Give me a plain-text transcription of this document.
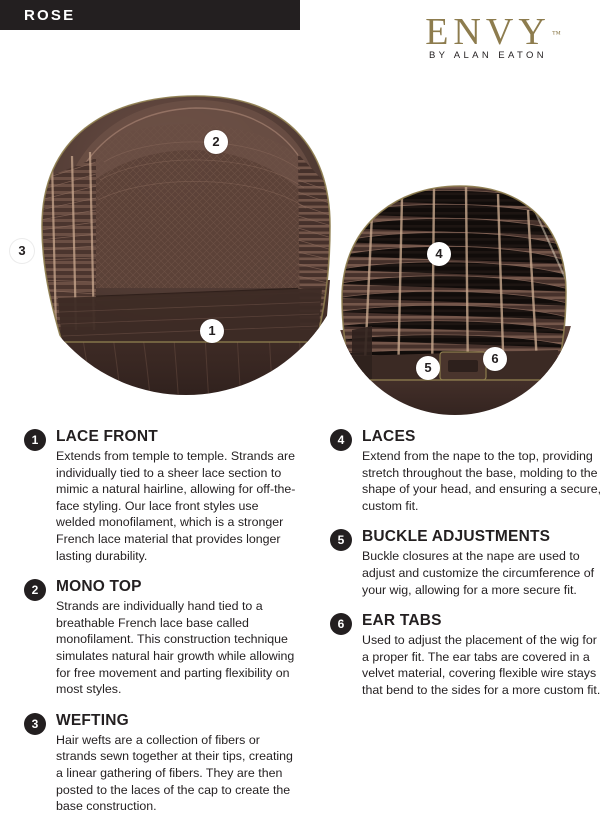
ROSE	ENVY ™
BY ALAN EATON
1
2
3	4
5
6
1	LACE FRONT

Extends from temple to temple. Strands are individually tied to a sheer lace section to mimic a natural hairline, allowing for off-the-face styling. Our lace front styles use welded monofilament, which is a stronger French lace material that provides longer lasting durability.

2	MONO TOP

Strands are individually hand tied to a breathable French lace base called monofilament. This construction technique simulates natural hair growth while allowing for free movement and parting flexibility on most styles.

3	WEFTING

Hair wefts are a collection of fibers or strands sewn together at their tips, creating a linear gathering of fibers. They are then posted to the laces of the cap to create the base construction.

4	LACES

Extend from the nape to the top, providing stretch throughout the base, molding to the shape of your head, and ensuring a secure, custom fit.

5	BUCKLE ADJUSTMENTS

Buckle closures at the nape are used to adjust and customize the circumference of your wig, allowing for a more secure fit.

6	EAR TABS

Used to adjust the placement of the wig for a proper fit. The ear tabs are covered in a velvet material, covering flexible wire stays that bend to the sides for a more custom fit.
